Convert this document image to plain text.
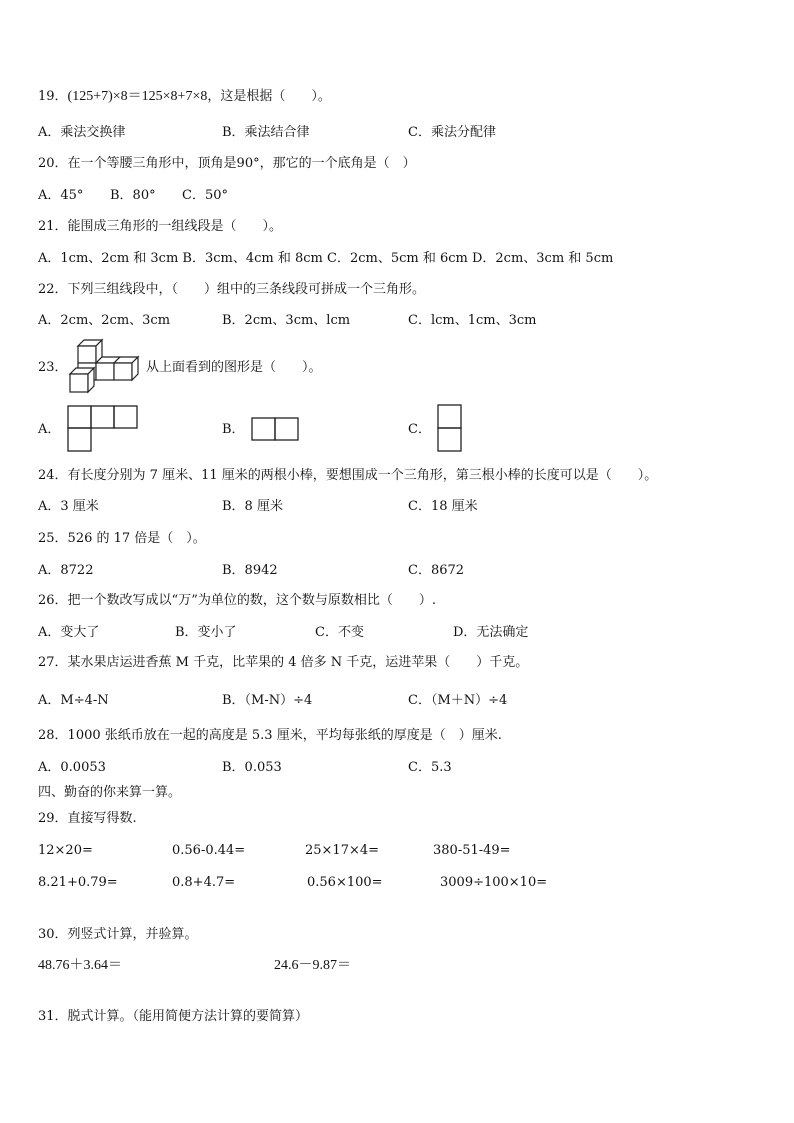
19．(125+7)×8＝125×8+7×8，这是根据（　　）。
A．乘法交换律	B．乘法结合律	C．乘法分配律
20．在一个等腰三角形中，顶角是90°，那它的一个底角是（　）
A．45° B．80° C．50°
21．能围成三角形的一组线段是（　　）。
A．1cm、2cm 和 3cm B．3cm、4cm 和 8cm C．2cm、5cm 和 6cm D．2cm、3cm 和 5cm
22．下列三组线段中，（　　）组中的三条线段可拼成一个三角形。
A．2cm、2cm、3cm	B．2cm、3cm、lcm	C．lcm、1cm、3cm
23．	从上面看到的图形是（　　）。
A．	B．	C．
24．有长度分别为 7 厘米、11 厘米的两根小棒，要想围成一个三角形，第三根小棒的长度可以是（　　）。
A．3 厘米	B．8 厘米	C．18 厘米
25．526 的 17 倍是（　）。
A．8722	B．8942	C．8672
26．把一个数改写成以“万”为单位的数，这个数与原数相比（　　）.
A．变大了	B．变小了	C．不变	D．无法确定
27．某水果店运进香蕉 M 千克，比苹果的 4 倍多 N 千克，运进苹果（　　）千克。
A．M÷4-N	B．（M-N）÷4	C．（M＋N）÷4
28．1000 张纸币放在一起的高度是 5.3 厘米，平均每张纸的厚度是（　）厘米.
A．0.0053	B．0.053	C．5.3
四、勤奋的你来算一算。
29．直接写得数.
12×20=	0.56-0.44=	25×17×4=	380-51-49=
8.21+0.79=	0.8+4.7=	0.56×100=	3009÷100×10=
30．列竖式计算，并验算。
48.76＋3.64＝	24.6－9.87＝
31．脱式计算。（能用简便方法计算的要简算）
